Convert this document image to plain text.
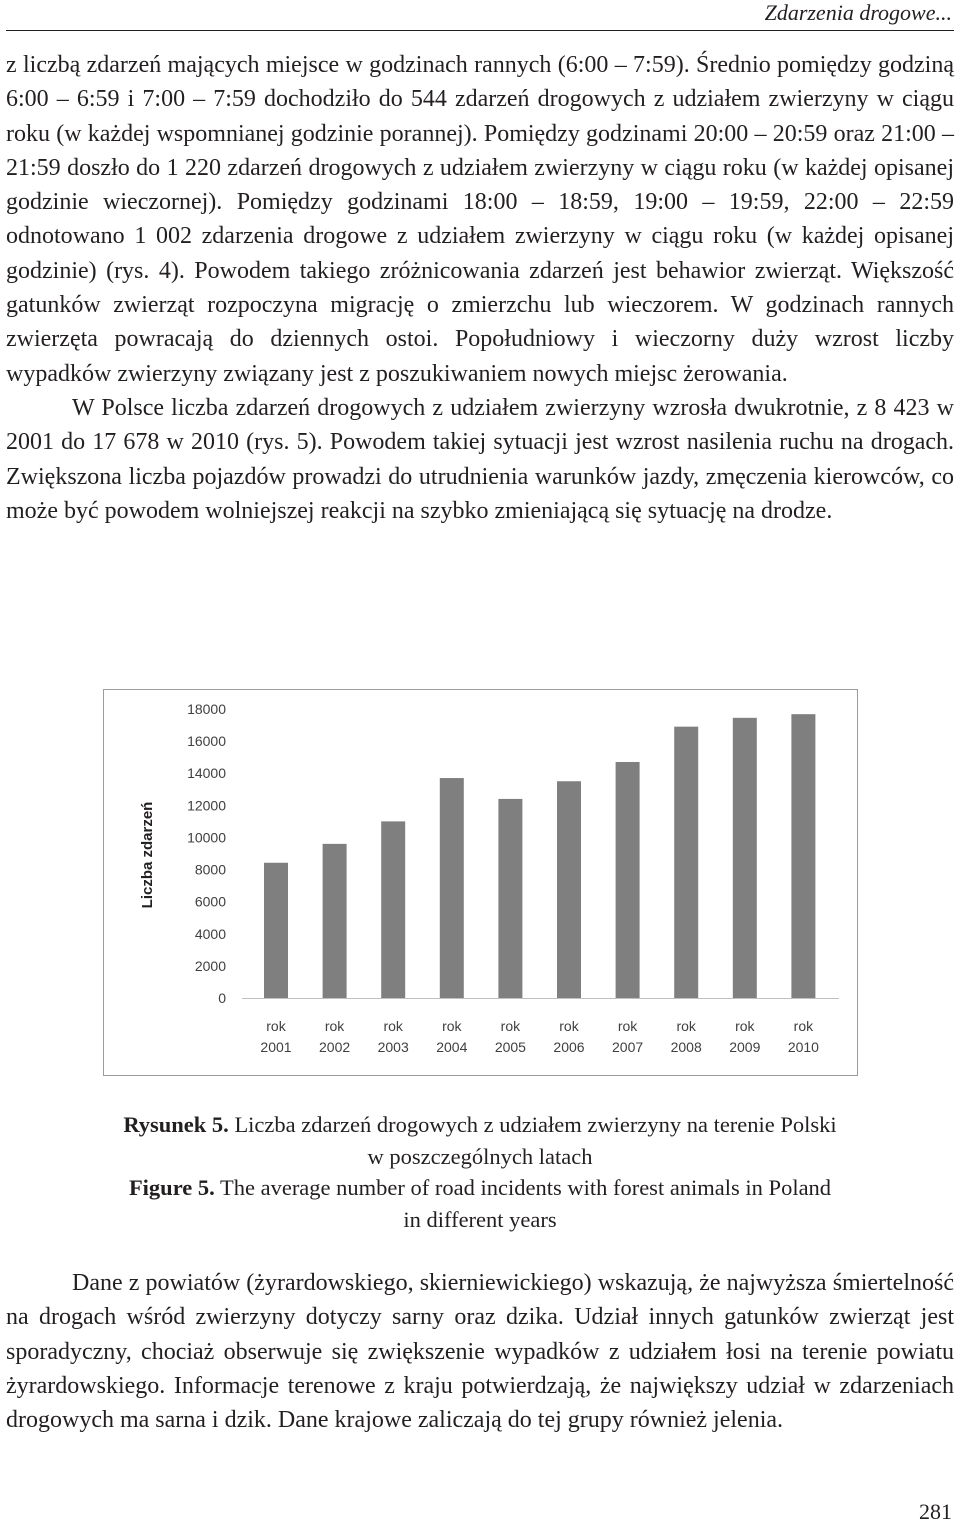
Zdarzenia drogowe...

z liczbą zdarzeń mających miejsce w godzinach rannych (6:00 – 7:59). Średnio pomiędzy godziną 6:00 – 6:59 i 7:00 – 7:59 dochodziło do 544 zdarzeń drogowych z udziałem zwierzyny w ciągu roku (w każdej wspomnianej godzinie porannej). Pomiędzy godzinami 20:00 – 20:59 oraz 21:00 – 21:59 doszło do 1 220 zdarzeń drogowych z udziałem zwierzyny w ciągu roku (w każdej opisanej godzinie wieczornej). Pomiędzy godzinami 18:00 – 18:59, 19:00 – 19:59, 22:00 – 22:59 odnotowano 1 002 zdarzenia drogowe z udziałem zwierzyny w ciągu roku (w każdej opisanej godzinie) (rys. 4). Powodem takiego zróżnicowania zdarzeń jest behawior zwierząt. Większość gatunków zwierząt rozpoczyna migrację o zmierzchu lub wieczorem. W godzinach rannych zwierzęta powracają do dziennych ostoi. Popołudniowy i wieczorny duży wzrost liczby wypadków zwierzyny związany jest z poszukiwaniem nowych miejsc żerowania.
W Polsce liczba zdarzeń drogowych z udziałem zwierzyny wzrosła dwukrotnie, z 8 423 w 2001 do 17 678 w 2010 (rys. 5). Powodem takiej sytuacji jest wzrost nasilenia ruchu na drogach. Zwiększona liczba pojazdów prowadzi do utrudnienia warunków jazdy, zmęczenia kierowców, co może być powodem wolniejszej reakcji na szybko zmieniającą się sytuację na drodze.

0
2000
4000
6000
8000
10000
12000
14000
16000
18000
Liczba zdarzeń
rok
2001
rok
2002
rok
2003
rok
2004
rok
2005
rok
2006
rok
2007
rok
2008
rok
2009
rok
2010
Rysunek 5. Liczba zdarzeń drogowych z udziałem zwierzyny na terenie Polski
w poszczególnych latach
Figure 5. The average number of road incidents with forest animals in Poland
in different years

Dane z powiatów (żyrardowskiego, skierniewickiego) wskazują, że najwyższa śmiertelność na drogach wśród zwierzyny dotyczy sarny oraz dzika. Udział innych gatunków zwierząt jest sporadyczny, chociaż obserwuje się zwiększenie wypadków z udziałem łosi na terenie powiatu żyrardowskiego. Informacje terenowe z kraju potwierdzają, że największy udział w zdarzeniach drogowych ma sarna i dzik. Dane krajowe zaliczają do tej grupy również jelenia.

281
